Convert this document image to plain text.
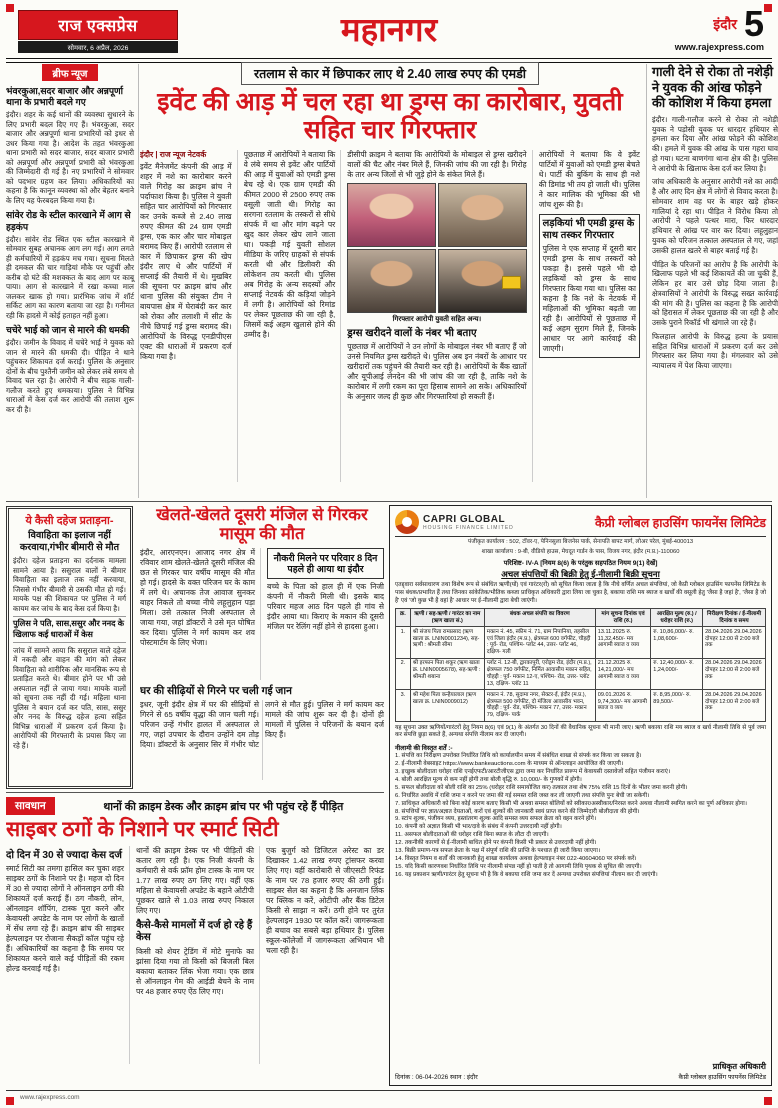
राज एक्सप्रेस
सोमवार, 6 अप्रैल, 2026	महानगर	इंदौर 5
www.rajexpress.com
ब्रीफ न्यूज
भंवरकुआ,सदर बाजार और अन्नपूर्णा थाना के प्रभारी बदले गए
इंदौर। शहर के कई थानों की व्यवस्था सुधारने के लिए प्रभारी बदल दिए गए हैं। भंवरकुआ, सदर बाजार और अन्नपूर्णा थाना प्रभारियों को इधर से उधर किया गया है। आदेश के तहत भंवरकुआ थाना प्रभारी को सदर बाजार, सदर बाजार प्रभारी को अन्नपूर्णा और अन्नपूर्णा प्रभारी को भंवरकुआ की जिम्मेदारी दी गई है। नए प्रभारियों ने सोमवार को पदभार ग्रहण कर लिया। अधिकारियों का कहना है कि कानून व्यवस्था को और बेहतर बनाने के लिए यह फेरबदल किया गया है।
सांवेर रोड के स्टील कारखाने में आग से हड़कंप
इंदौर। सांवेर रोड स्थित एक स्टील कारखाने में सोमवार सुबह अचानक आग लग गई। आग लगते ही कर्मचारियों में हड़कंप मच गया। सूचना मिलते ही दमकल की चार गाड़ियां मौके पर पहुंचीं और करीब दो घंटे की मशक्कत के बाद आग पर काबू पाया। आग से कारखाने में रखा कच्चा माल जलकर खाक हो गया। प्रारंभिक जांच में शॉर्ट सर्किट आग का कारण बताया जा रहा है। गनीमत रही कि हादसे में कोई हताहत नहीं हुआ।
चचेरे भाई को जान से मारने की धमकी
इंदौर। जमीन के विवाद में चचेरे भाई ने युवक को जान से मारने की धमकी दी। पीड़ित ने थाने पहुंचकर शिकायत दर्ज कराई। पुलिस के अनुसार दोनों के बीच पुश्तैनी जमीन को लेकर लंबे समय से विवाद चल रहा है। आरोपी ने बीच सड़क गाली-गलौज करते हुए धमकाया। पुलिस ने विभिन्न धाराओं में केस दर्ज कर आरोपी की तलाश शुरू कर दी है।
रतलाम से कार में छिपाकर लाए थे 2.40 लाख रुपए की एमडी
इवेंट की आड़ में चल रहा था ड्रग्स का कारोबार, युवती सहित चार गिरफ्तार
इंदौर | राज न्यूज नेटवर्क
इवेंट मैनेजमेंट कंपनी की आड़ में शहर में नशे का कारोबार करने वाले गिरोह का क्राइम ब्रांच ने पर्दाफाश किया है। पुलिस ने युवती सहित चार आरोपियों को गिरफ्तार कर उनके कब्जे से 2.40 लाख रुपए कीमत की 24 ग्राम एमडी ड्रग्स, एक कार और चार मोबाइल बरामद किए हैं। आरोपी रतलाम से कार में छिपाकर ड्रग्स की खेप इंदौर लाए थे और पार्टियों में सप्लाई की तैयारी में थे। मुखबिर की सूचना पर क्राइम ब्रांच और थाना पुलिस की संयुक्त टीम ने बायपास क्षेत्र में घेराबंदी कर कार को रोका और तलाशी में सीट के नीचे छिपाई गई ड्रग्स बरामद की। आरोपियों के विरुद्ध एनडीपीएस एक्ट की धाराओं में प्रकरण दर्ज किया गया है।
पूछताछ में आरोपियों ने बताया कि वे लंबे समय से इवेंट और पार्टियों की आड़ में युवाओं को एमडी ड्रग्स बेच रहे थे। एक ग्राम एमडी की कीमत 2000 से 2500 रुपए तक वसूली जाती थी। गिरोह का सरगना रतलाम के तस्करों से सीधे संपर्क में था और मांग बढ़ने पर खुद कार लेकर खेप लाने जाता था। पकड़ी गई युवती सोशल मीडिया के जरिए ग्राहकों से संपर्क करती थी और डिलीवरी की लोकेशन तय करती थी। पुलिस अब गिरोह के अन्य सदस्यों और सप्लाई नेटवर्क की कड़ियां जोड़ने में लगी है। आरोपियों को रिमांड पर लेकर पूछताछ की जा रही है, जिसमें कई अहम खुलासे होने की उम्मीद है।
डीसीपी क्राइम ने बताया कि आरोपियों के मोबाइल से ड्रग्स खरीदने वालों की चैट और नंबर मिले हैं, जिनकी जांच की जा रही है। गिरोह के तार अन्य जिलों से भी जुड़े होने के संकेत मिले हैं।
गिरफ्तार आरोपी युवती सहित अन्य।
ड्रग्स खरीदने वालों के नंबर भी बताए
पूछताछ में आरोपियों ने उन लोगों के मोबाइल नंबर भी बताए हैं जो उनसे नियमित ड्रग्स खरीदते थे। पुलिस अब इन नंबरों के आधार पर खरीदारों तक पहुंचने की तैयारी कर रही है। आरोपियों के बैंक खातों और यूपीआई लेनदेन की भी जांच की जा रही है, ताकि नशे के कारोबार में लगी रकम का पूरा हिसाब सामने आ सके। अधिकारियों के अनुसार जल्द ही कुछ और गिरफ्तारियां हो सकती हैं।
आरोपियों ने बताया कि वे इवेंट पार्टियों में युवाओं को एमडी ड्रग्स बेचते थे। पार्टी की बुकिंग के साथ ही नशे की डिमांड भी तय हो जाती थी। पुलिस ने कार मालिक की भूमिका की भी जांच शुरू की है।
लड़कियां भी एमडी ड्रग्स के साथ तस्कर गिरफ्तार
पुलिस ने एक सप्ताह में दूसरी बार एमडी ड्रग्स के साथ तस्करों को पकड़ा है। इससे पहले भी दो लड़कियों को ड्रग्स के साथ गिरफ्तार किया गया था। पुलिस का कहना है कि नशे के नेटवर्क में महिलाओं की भूमिका बढ़ती जा रही है। आरोपियों से पूछताछ में कई अहम सुराग मिले हैं, जिनके आधार पर आगे कार्रवाई की जाएगी।
गाली देने से रोका तो नशेड़ी ने युवक की आंख फोड़ने की कोशिश में किया हमला
इंदौर। गाली-गलौज करने से रोका तो नशेड़ी युवक ने पड़ोसी युवक पर धारदार हथियार से हमला कर दिया और आंख फोड़ने की कोशिश की। हमले में युवक की आंख के पास गहरा घाव हो गया। घटना बाणगंगा थाना क्षेत्र की है। पुलिस ने आरोपी के खिलाफ केस दर्ज कर लिया है।
जांच अधिकारी के अनुसार आरोपी नशे का आदी है और आए दिन क्षेत्र में लोगों से विवाद करता है। सोमवार शाम वह घर के बाहर खड़े होकर गालियां दे रहा था। पीड़ित ने विरोध किया तो आरोपी ने पहले पत्थर मारा, फिर धारदार हथियार से आंख पर वार कर दिया। लहूलुहान युवक को परिजन तत्काल अस्पताल ले गए, जहां उसकी हालत खतरे से बाहर बताई गई है।
पीड़ित के परिजनों का आरोप है कि आरोपी के खिलाफ पहले भी कई शिकायतें की जा चुकी हैं, लेकिन हर बार उसे छोड़ दिया जाता है। क्षेत्रवासियों ने आरोपी के विरुद्ध सख्त कार्रवाई की मांग की है। पुलिस का कहना है कि आरोपी को हिरासत में लेकर पूछताछ की जा रही है और उसके पुराने रिकॉर्ड भी खंगाले जा रहे हैं।
फिलहाल आरोपी के विरुद्ध हत्या के प्रयास सहित विभिन्न धाराओं में प्रकरण दर्ज कर उसे गिरफ्तार कर लिया गया है। मंगलवार को उसे न्यायालय में पेश किया जाएगा।
ये कैसी दहेज प्रताड़ना-
विवाहिता का इलाज नहीं करवाया,गंभीर बीमारी से मौत
इंदौर। दहेज प्रताड़ना का दर्दनाक मामला सामने आया है। ससुराल वालों ने बीमार विवाहिता का इलाज तक नहीं करवाया, जिससे गंभीर बीमारी से उसकी मौत हो गई। मायके पक्ष की शिकायत पर पुलिस ने मर्ग कायम कर जांच के बाद केस दर्ज किया है।
पुलिस ने पति, सास,ससुर और ननद के खिलाफ कई धाराओं में केस
जांच में सामने आया कि ससुराल वाले दहेज में नकदी और वाहन की मांग को लेकर विवाहिता को शारीरिक और मानसिक रूप से प्रताड़ित करते थे। बीमार होने पर भी उसे अस्पताल नहीं ले जाया गया। मायके वालों को सूचना तक नहीं दी गई। महिला थाना पुलिस ने बयान दर्ज कर पति, सास, ससुर और ननद के विरुद्ध दहेज हत्या सहित विभिन्न धाराओं में प्रकरण दर्ज किया है। आरोपियों की गिरफ्तारी के प्रयास किए जा रहे हैं।
खेलते-खेलते दूसरी मंजिल से गिरकर मासूम की मौत
इंदौर, आरएनएन। आजाद नगर क्षेत्र में रविवार शाम खेलते-खेलते दूसरी मंजिल की छत से गिरकर चार वर्षीय मासूम की मौत हो गई। हादसे के वक्त परिजन घर के काम में लगे थे। अचानक तेज आवाज सुनकर बाहर निकले तो बच्चा नीचे लहूलुहान पड़ा मिला। उसे तत्काल निजी अस्पताल ले जाया गया, जहां डॉक्टरों ने उसे मृत घोषित कर दिया। पुलिस ने मर्ग कायम कर शव पोस्टमार्टम के लिए भेजा।
नौकरी मिलने पर परिवार 8 दिन पहले ही आया था इंदौर
बच्चे के पिता को हाल ही में एक निजी कंपनी में नौकरी मिली थी। इसके बाद परिवार महज आठ दिन पहले ही गांव से इंदौर आया था। किराए के मकान की दूसरी मंजिल पर रेलिंग नहीं होने से हादसा हुआ।
घर की सीढ़ियों से गिरने पर चली गई जान
इधर, जूनी इंदौर क्षेत्र में घर की सीढ़ियों से गिरने से 65 वर्षीय वृद्धा की जान चली गई। परिजन उन्हें गंभीर हालत में अस्पताल ले गए, जहां उपचार के दौरान उन्होंने दम तोड़ दिया। डॉक्टरों के अनुसार सिर में गंभीर चोट लगने से मौत हुई। पुलिस ने मर्ग कायम कर मामले की जांच शुरू कर दी है। दोनों ही मामलों में पुलिस ने परिजनों के बयान दर्ज किए हैं।
CAPRI GLOBAL
HOUSING FINANCE LIMITED	कैप्री ग्लोबल हाउसिंग फायनेंस लिमिटेड
पंजीकृत कार्यालय : 502, टॉवर-ए, पेनिनसुला बिजनेस पार्क, सेनापति बापट मार्ग, लोअर परेल, मुंबई-400013
शाखा कार्यालय : 9-बी, वीडियो हाउस, मेघदूत गार्डन के पास, विजय नगर, इंदौर (म.प्र.)-110060
परिशिष्ट- IV-A [नियम 8(6) के परंतुक सहपठित नियम 9(1) देखें]
अचल संपत्तियों की बिक्री हेतु ई-नीलामी बिक्री सूचना
एतद्द्वारा सर्वसाधारण तथा विशेष रूप से संबंधित ऋणी(यों) एवं गारंटर(रों) को सूचित किया जाता है कि नीचे वर्णित अचल संपत्तियां, जो कैप्री ग्लोबल हाउसिंग फायनेंस लिमिटेड के पास बंधक/प्रभारित हैं तथा जिनका सांकेतिक/भौतिक कब्जा प्राधिकृत अधिकारी द्वारा लिया जा चुका है, बकाया राशि मय ब्याज व खर्चों की वसूली हेतु 'जैसा है जहां है', 'जैसा है जो है' एवं 'जो कुछ भी है वहां है' आधार पर ई-नीलामी द्वारा बेची जाएंगी।
क्र.	ऋणी / सह-ऋणी / गारंटर का नाम (ऋण खाता सं.)	बंधक अचल संपत्ति का विवरण	मांग सूचना दिनांक एवं राशि (रु.)	आरक्षित मूल्य (रु.) / धरोहर राशि (रु.)	निरीक्षण दिनांक / ई-नीलामी दिनांक व समय
1.	श्री संजय पिता रामप्रसाद (ऋण खाता क्र. LNIN0001234), सह-ऋणी : श्रीमती सीमा	मकान नं. 45, स्कीम नं. 71, ग्राम निपानिया, तहसील एवं जिला इंदौर (म.प्र.), क्षेत्रफल 600 वर्गफीट, चौहद्दी : पूर्व- रोड, पश्चिम- प्लॉट 44, उत्तर- प्लॉट 46, दक्षिण- गली	13.11.2025 रु. 11,32,450/- मय आगामी ब्याज व व्यय	रु. 10,86,000/- रु. 1,08,600/-	28.04.2026 29.04.2026 दोपहर 12:00 से 2:00 बजे तक
2.	श्री इरफान पिता शकूर (ऋण खाता क्र. LNIN0005678), सह-ऋणी : श्रीमती शबाना	प्लॉट नं. 12-बी, द्वारकापुरी, एरोड्रम रोड, इंदौर (म.प्र.), क्षेत्रफल 750 वर्गफीट, निर्मित आवासीय मकान सहित, चौहद्दी : पूर्व- मकान 12-ए, पश्चिम- रोड, उत्तर- प्लॉट 13, दक्षिण- प्लॉट 11	21.12.2025 रु. 14,21,000/- मय आगामी ब्याज व व्यय	रु. 12,40,000/- रु. 1,24,000/-	28.04.2026 29.04.2026 दोपहर 12:00 से 2:00 बजे तक
3.	श्री महेश पिता कन्हैयालाल (ऋण खाता क्र. LNIN0009012)	मकान नं. 78, सुदामा नगर, सेक्टर-ई, इंदौर (म.प्र.), क्षेत्रफल 500 वर्गफीट, दो मंजिला आवासीय भवन, चौहद्दी : पूर्व- रोड, पश्चिम- मकान 77, उत्तर- मकान 79, दक्षिण- पार्क	09.01.2026 रु. 9,74,300/- मय आगामी ब्याज व व्यय	रु. 8,95,000/- रु. 89,500/-	28.04.2026 29.04.2026 दोपहर 12:00 से 2:00 बजे तक
यह सूचना उक्त ऋणियों/गारंटरों हेतु नियम 8(6) एवं 9(1) के अंतर्गत 30 दिनों की वैधानिक सूचना भी मानी जाए। ऋणी बकाया राशि मय ब्याज व खर्च नीलामी तिथि से पूर्व जमा कर संपत्ति छुड़ा सकते हैं, अन्यथा संपत्ति नीलाम कर दी जाएगी।
नीलामी की विस्तृत शर्तें :-
1. संपत्ति का निरीक्षण उपरोक्त निर्धारित तिथि को कार्यालयीन समय में संबंधित शाखा से संपर्क कर किया जा सकता है।
2. ई-नीलामी वेबसाइट https://www.bankeauctions.com के माध्यम से ऑनलाइन आयोजित की जाएगी।
3. इच्छुक बोलीदाता धरोहर राशि एनईएफटी/आरटीजीएस द्वारा जमा कर निर्धारित प्रारूप में केवायसी दस्तावेजों सहित पंजीयन कराएं।
4. बोली आरक्षित मूल्य से कम नहीं होगी तथा बोली वृद्धि रु. 10,000/- के गुणकों में होगी।
5. सफल बोलीदाता को बोली राशि का 25% (धरोहर राशि समायोजित कर) तत्काल तथा शेष 75% राशि 15 दिनों के भीतर जमा करनी होगी।
6. निर्धारित अवधि में राशि जमा न करने पर जमा की गई समस्त राशि जब्त कर ली जाएगी तथा संपत्ति पुनः बेची जा सकेगी।
7. प्राधिकृत अधिकारी को बिना कोई कारण बताए किसी भी अथवा समस्त बोलियों को स्वीकार/अस्वीकार/निरस्त करने अथवा नीलामी स्थगित करने का पूर्ण अधिकार होगा।
8. संपत्तियों पर ज्ञात/अज्ञात देयताओं, करों एवं शुल्कों की जानकारी स्वयं प्राप्त करने की जिम्मेदारी बोलीदाता की होगी।
9. स्टांप शुल्क, पंजीयन व्यय, हस्तांतरण शुल्क आदि समस्त व्यय सफल क्रेता को वहन करने होंगे।
10. कंपनी को अज्ञात किसी भी भार/दावे के संबंध में कंपनी उत्तरदायी नहीं होगी।
11. असफल बोलीदाताओं की धरोहर राशि बिना ब्याज के लौटा दी जाएगी।
12. तकनीकी कारणों से ई-नीलामी बाधित होने पर कंपनी किसी भी प्रकार से उत्तरदायी नहीं होगी।
13. बिक्री प्रमाण-पत्र सफल क्रेता के पक्ष में संपूर्ण राशि की प्राप्ति के पश्चात ही जारी किया जाएगा।
14. विस्तृत नियम व शर्तों की जानकारी हेतु शाखा कार्यालय अथवा हेल्पलाइन नंबर 022-40604060 पर संपर्क करें।
15. यदि किसी कारणवश निर्धारित तिथि पर नीलामी संपन्न नहीं हो पाती है तो आगामी तिथि पृथक से सूचित की जाएगी।
16. यह प्रकाशन ऋणी/गारंटर हेतु सूचना भी है कि वे बकाया राशि जमा कर दें अन्यथा उपरोक्त संपत्तियां नीलाम कर दी जाएंगी।
दिनांक : 06-04-2026 स्थान : इंदौर
प्राधिकृत अधिकारी
कैप्री ग्लोबल हाउसिंग फायनेंस लिमिटेड
सावधान	थानों की क्राइम डेस्क और क्राइम ब्रांच पर भी पहुंच रहे हैं पीड़ित
साइबर ठगों के निशाने पर स्मार्ट सिटी
दो दिन में 30 से ज्यादा केस दर्ज
स्मार्ट सिटी का तमगा हासिल कर चुका शहर साइबर ठगों के निशाने पर है। महज दो दिन में 30 से ज्यादा लोगों ने ऑनलाइन ठगी की शिकायतें दर्ज कराई हैं। ठग नौकरी, लोन, ऑनलाइन शॉपिंग, टास्क पूरा करने और केवायसी अपडेट के नाम पर लोगों के खातों में सेंध लगा रहे हैं। क्राइम ब्रांच की साइबर हेल्पलाइन पर रोजाना सैकड़ों कॉल पहुंच रहे हैं। अधिकारियों का कहना है कि समय पर शिकायत करने वाले कई पीड़ितों की रकम होल्ड करवाई गई है।
थानों की क्राइम डेस्क पर भी पीड़ितों की कतार लग रही है। एक निजी कंपनी के कर्मचारी से वर्क फ्रॉम होम टास्क के नाम पर 1.77 लाख रुपए ठग लिए गए। वहीं एक महिला से केवायसी अपडेट के बहाने ओटीपी पूछकर खाते से 1.03 लाख रुपए निकाल लिए गए।
कैसे-कैसे मामलों में दर्ज हो रहे हैं केस
किसी को शेयर ट्रेडिंग में मोटे मुनाफे का झांसा दिया गया तो किसी को बिजली बिल बकाया बताकर लिंक भेजा गया। एक छात्र से ऑनलाइन गेम की आईडी बेचने के नाम पर 48 हजार रुपए ऐंठ लिए गए।
एक बुजुर्ग को डिजिटल अरेस्ट का डर दिखाकर 1.42 लाख रुपए ट्रांसफर करवा लिए गए। वहीं कारोबारी से जीएसटी रिफंड के नाम पर 78 हजार रुपए की ठगी हुई। साइबर सेल का कहना है कि अनजान लिंक पर क्लिक न करें, ओटीपी और बैंक डिटेल किसी से साझा न करें। ठगी होने पर तुरंत हेल्पलाइन 1930 पर कॉल करें। जागरूकता ही बचाव का सबसे बड़ा हथियार है। पुलिस स्कूल-कॉलेजों में जागरूकता अभियान भी चला रही है।
www.rajexpress.com
